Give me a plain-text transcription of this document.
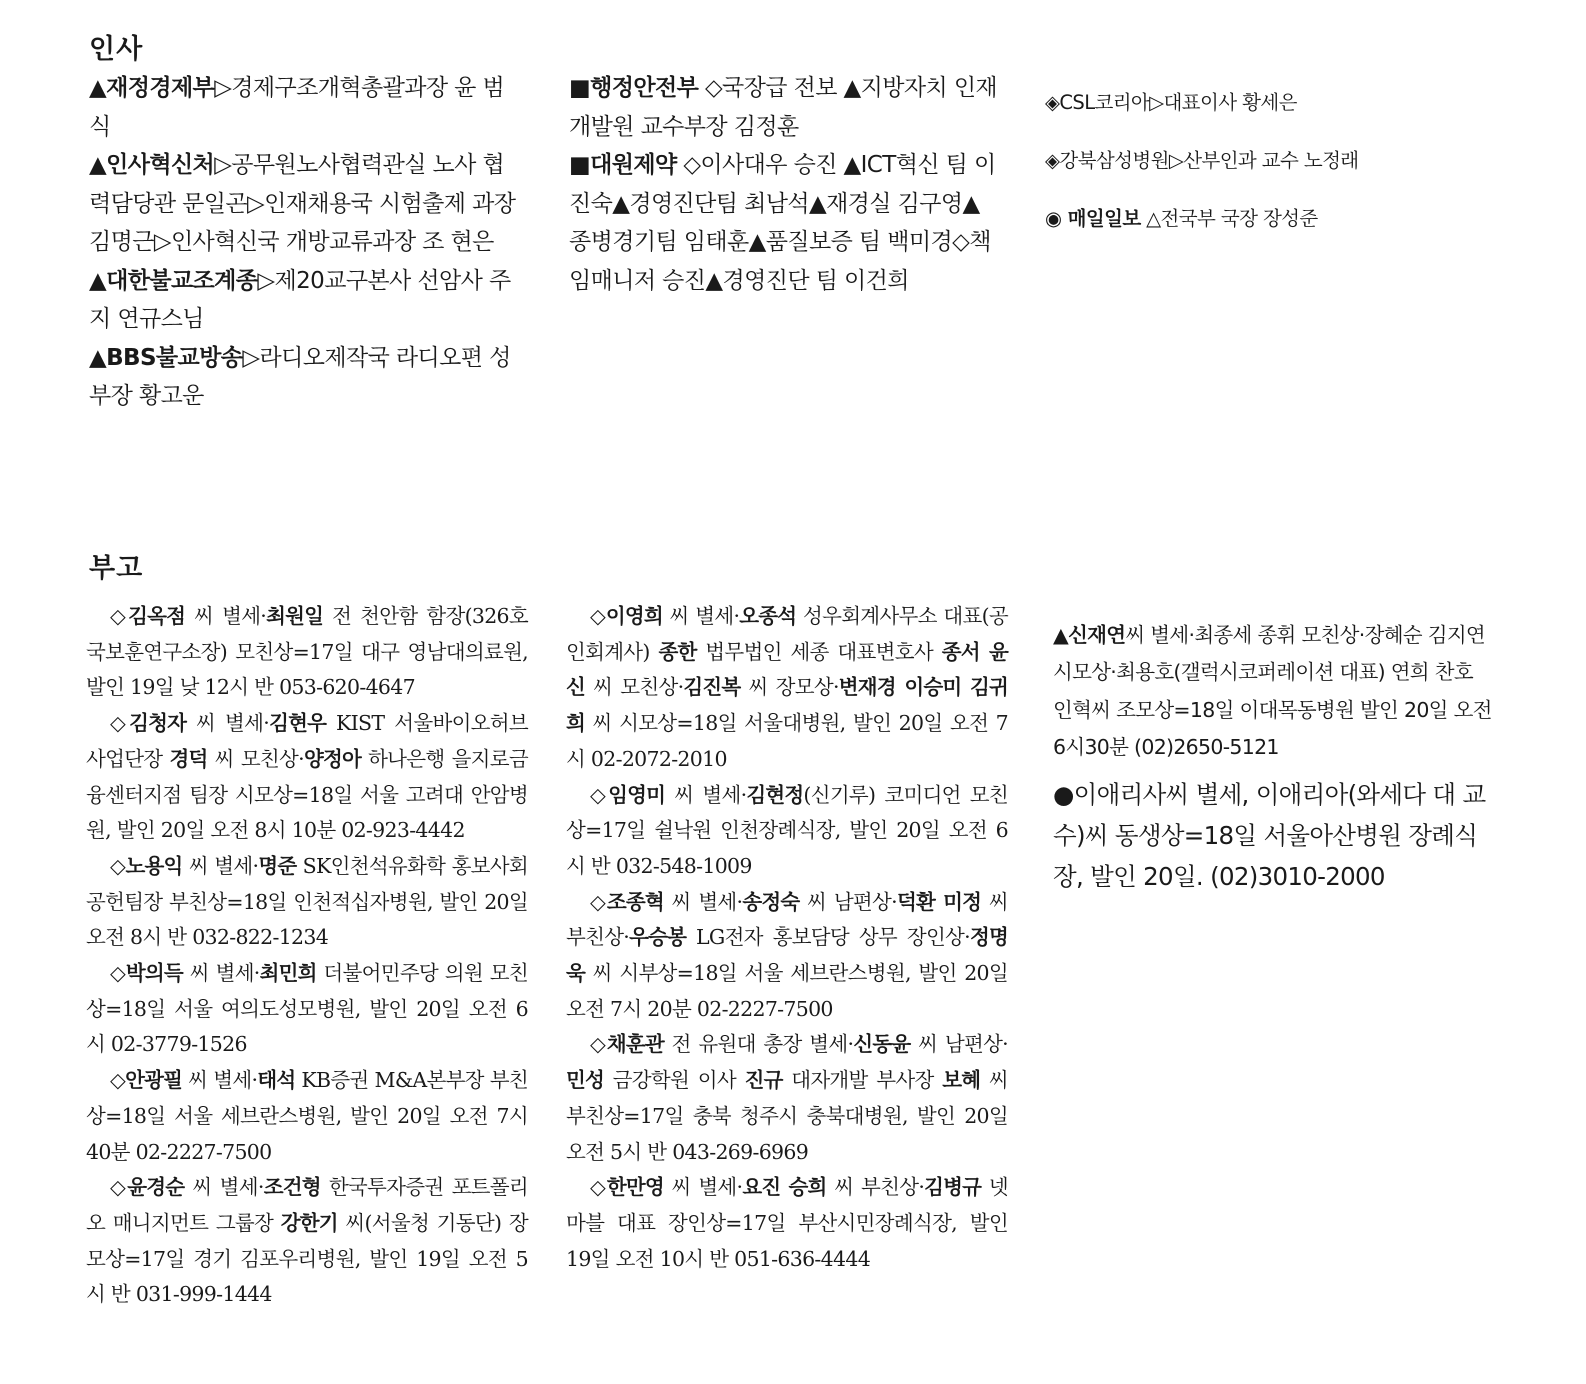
인사

▲재정경제부▷경제구조개혁총괄과장 윤 범식

▲인사혁신처▷공무원노사협력관실 노사 협력담당관 문일곤▷인재채용국 시험출제 과장 김명근▷인사혁신국 개방교류과장 조 현은

▲대한불교조계종▷제20교구본사 선암사 주지 연규스님

▲BBS불교방송▷라디오제작국 라디오편 성부장 황고운

■행정안전부 ◇국장급 전보 ▲지방자치 인재개발원 교수부장 김정훈

■대원제약 ◇이사대우 승진 ▲ICT혁신 팀 이진숙▲경영진단팀 최남석▲재경실 김구영▲종병경기팀 임태훈▲품질보증 팀 백미경◇책임매니저 승진▲경영진단 팀 이건희

◈CSL코리아▷대표이사 황세은

◈강북삼성병원▷산부인과 교수 노정래

◉ 매일일보 △전국부 국장 장성준

부고

◇김옥점 씨 별세·최원일 전 천안함 함장(326호 국보훈연구소장) 모친상=17일 대구 영남대의료원, 발인 19일 낮 12시 반 053-620-4647

◇김청자 씨 별세·김현우 KIST 서울바이오허브 사업단장 경덕 씨 모친상·양정아 하나은행 을지로금융센터지점 팀장 시모상=18일 서울 고려대 안암병원, 발인 20일 오전 8시 10분 02-923-4442

◇노용익 씨 별세·명준 SK인천석유화학 홍보사회공헌팀장 부친상=18일 인천적십자병원, 발인 20일 오전 8시 반 032-822-1234

◇박의득 씨 별세·최민희 더불어민주당 의원 모친상=18일 서울 여의도성모병원, 발인 20일 오전 6시 02-3779-1526

◇안광필 씨 별세·태석 KB증권 M&A본부장 부친상=18일 서울 세브란스병원, 발인 20일 오전 7시 40분 02-2227-7500

◇윤경순 씨 별세·조건형 한국투자증권 포트폴리오 매니지먼트 그룹장 강한기 씨(서울청 기동단) 장모상=17일 경기 김포우리병원, 발인 19일 오전 5시 반 031-999-1444

◇이영희 씨 별세·오종석 성우회계사무소 대표(공인회계사) 종한 법무법인 세종 대표변호사 종서 윤신 씨 모친상·김진복 씨 장모상·변재경 이승미 김귀희 씨 시모상=18일 서울대병원, 발인 20일 오전 7시 02-2072-2010

◇임영미 씨 별세·김현정(신기루) 코미디언 모친상=17일 쉴낙원 인천장례식장, 발인 20일 오전 6시 반 032-548-1009

◇조종혁 씨 별세·송정숙 씨 남편상·덕환 미정 씨 부친상·우승봉 LG전자 홍보담당 상무 장인상·정명욱 씨 시부상=18일 서울 세브란스병원, 발인 20일 오전 7시 20분 02-2227-7500

◇채훈관 전 유원대 총장 별세·신동윤 씨 남편상·민성 금강학원 이사 진규 대자개발 부사장 보혜 씨 부친상=17일 충북 청주시 충북대병원, 발인 20일 오전 5시 반 043-269-6969

◇한만영 씨 별세·요진 승희 씨 부친상·김병규 넷마블 대표 장인상=17일 부산시민장례식장, 발인 19일 오전 10시 반 051-636-4444

▲신재연씨 별세·최종세 종휘 모친상·장혜순 김지연 시모상·최용호(갤럭시코퍼레이션 대표) 연희 찬호 인혁씨 조모상=18일 이대목동병원 발인 20일 오전6시30분 (02)2650-5121

●이애리사씨 별세, 이애리아(와세다 대 교수)씨 동생상=18일 서울아산병원 장례식장, 발인 20일. (02)3010-2000
